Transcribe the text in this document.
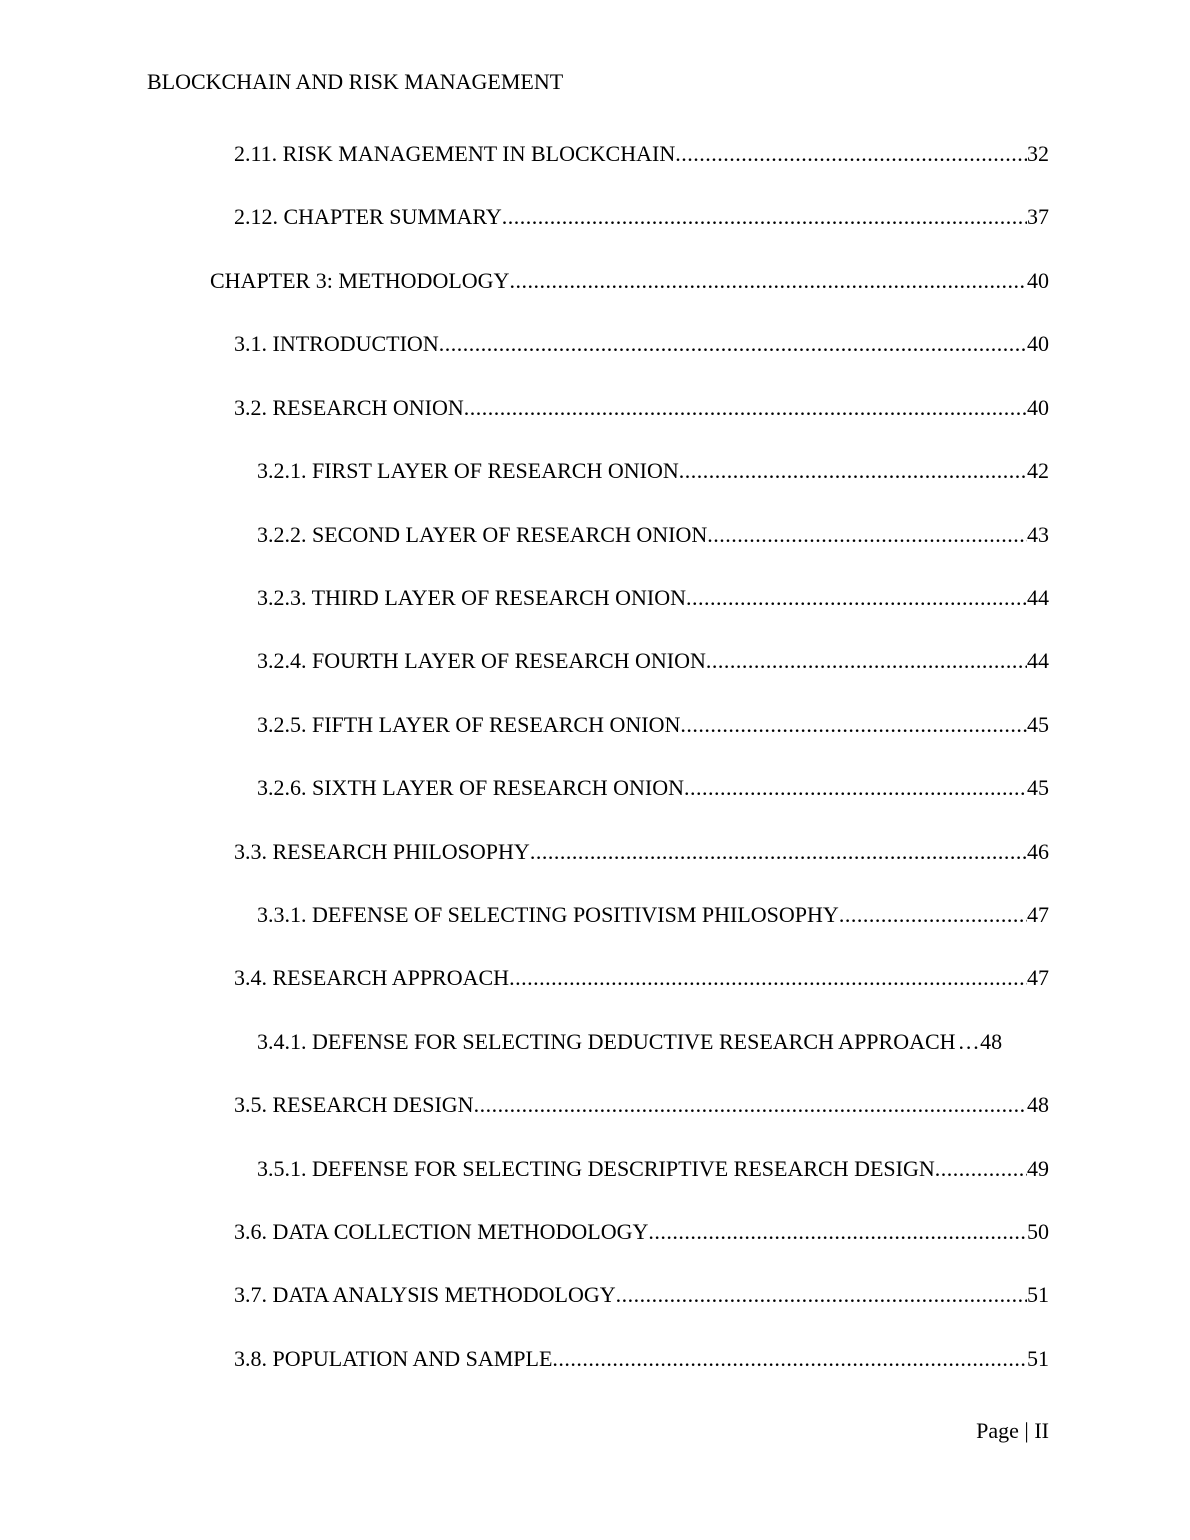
BLOCKCHAIN AND RISK MANAGEMENT
2.11. RISK MANAGEMENT IN BLOCKCHAIN .....	32
2.12. CHAPTER SUMMARY .....	37
CHAPTER 3: METHODOLOGY .....	40
3.1. INTRODUCTION .....	40
3.2. RESEARCH ONION .....	40
3.2.1. FIRST LAYER OF RESEARCH ONION .....	42
3.2.2. SECOND LAYER OF RESEARCH ONION .....	43
3.2.3. THIRD LAYER OF RESEARCH ONION .....	44
3.2.4. FOURTH LAYER OF RESEARCH ONION .....	44
3.2.5. FIFTH LAYER OF RESEARCH ONION .....	45
3.2.6. SIXTH LAYER OF RESEARCH ONION .....	45
3.3. RESEARCH PHILOSOPHY .....	46
3.3.1. DEFENSE OF SELECTING POSITIVISM PHILOSOPHY .....	47
3.4. RESEARCH APPROACH .....	47
3.4.1. DEFENSE FOR SELECTING DEDUCTIVE RESEARCH APPROACH … 48
3.5. RESEARCH DESIGN .....	48
3.5.1. DEFENSE FOR SELECTING DESCRIPTIVE RESEARCH DESIGN .....	49
3.6. DATA COLLECTION METHODOLOGY .....	50
3.7. DATA ANALYSIS METHODOLOGY .....	51
3.8. POPULATION AND SAMPLE .....	51
Page | II
